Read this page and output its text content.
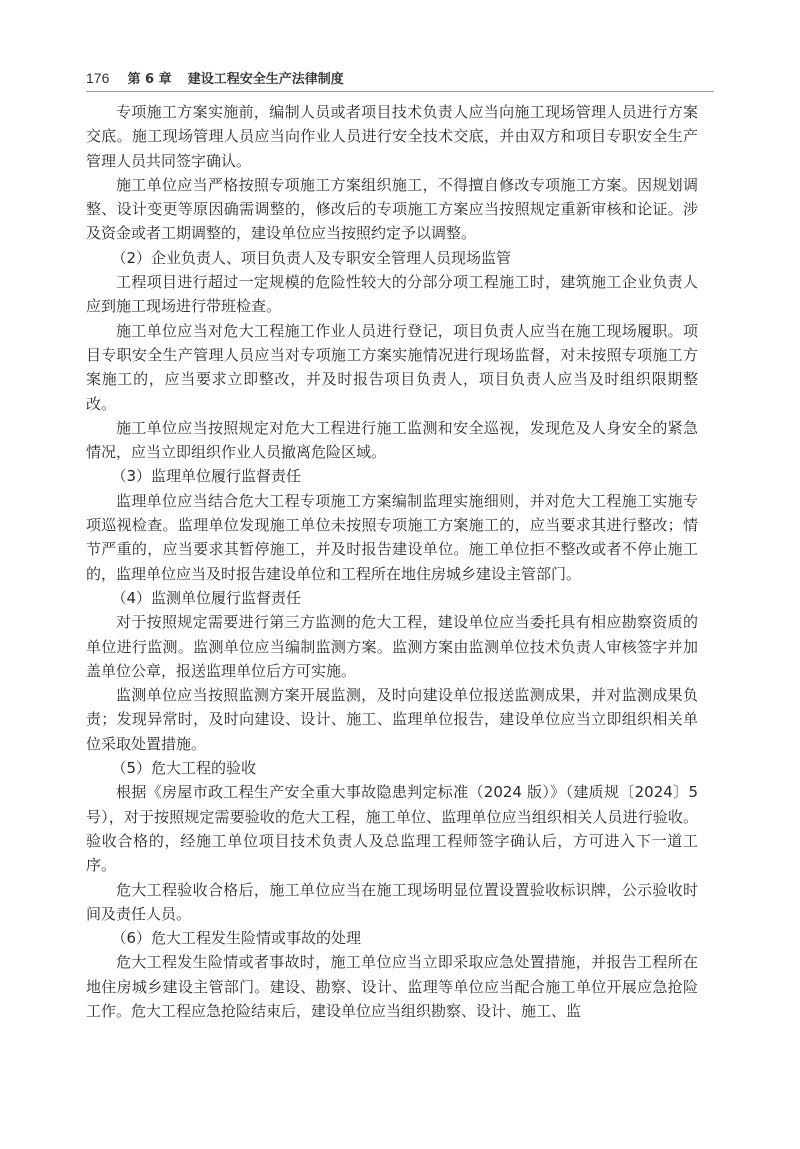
176 第 6 章 建设工程安全生产法律制度

专项施工方案实施前，编制人员或者项目技术负责人应当向施工现场管理人员进行方案交底。施工现场管理人员应当向作业人员进行安全技术交底，并由双方和项目专职安全生产管理人员共同签字确认。

施工单位应当严格按照专项施工方案组织施工，不得擅自修改专项施工方案。因规划调整、设计变更等原因确需调整的，修改后的专项施工方案应当按照规定重新审核和论证。涉及资金或者工期调整的，建设单位应当按照约定予以调整。

（2）企业负责人、项目负责人及专职安全管理人员现场监管

工程项目进行超过一定规模的危险性较大的分部分项工程施工时，建筑施工企业负责人应到施工现场进行带班检查。

施工单位应当对危大工程施工作业人员进行登记，项目负责人应当在施工现场履职。项目专职安全生产管理人员应当对专项施工方案实施情况进行现场监督，对未按照专项施工方案施工的，应当要求立即整改，并及时报告项目负责人，项目负责人应当及时组织限期整改。

施工单位应当按照规定对危大工程进行施工监测和安全巡视，发现危及人身安全的紧急情况，应当立即组织作业人员撤离危险区域。

（3）监理单位履行监督责任

监理单位应当结合危大工程专项施工方案编制监理实施细则，并对危大工程施工实施专项巡视检查。监理单位发现施工单位未按照专项施工方案施工的，应当要求其进行整改；情节严重的，应当要求其暂停施工，并及时报告建设单位。施工单位拒不整改或者不停止施工的，监理单位应当及时报告建设单位和工程所在地住房城乡建设主管部门。

（4）监测单位履行监督责任

对于按照规定需要进行第三方监测的危大工程，建设单位应当委托具有相应勘察资质的单位进行监测。监测单位应当编制监测方案。监测方案由监测单位技术负责人审核签字并加盖单位公章，报送监理单位后方可实施。

监测单位应当按照监测方案开展监测，及时向建设单位报送监测成果，并对监测成果负责；发现异常时，及时向建设、设计、施工、监理单位报告，建设单位应当立即组织相关单位采取处置措施。

（5）危大工程的验收

根据《房屋市政工程生产安全重大事故隐患判定标准（2024 版）》（建质规〔2024〕5 号），对于按照规定需要验收的危大工程，施工单位、监理单位应当组织相关人员进行验收。验收合格的，经施工单位项目技术负责人及总监理工程师签字确认后，方可进入下一道工序。

危大工程验收合格后，施工单位应当在施工现场明显位置设置验收标识牌，公示验收时间及责任人员。

（6）危大工程发生险情或事故的处理

危大工程发生险情或者事故时，施工单位应当立即采取应急处置措施，并报告工程所在地住房城乡建设主管部门。建设、勘察、设计、监理等单位应当配合施工单位开展应急抢险工作。危大工程应急抢险结束后，建设单位应当组织勘察、设计、施工、监
